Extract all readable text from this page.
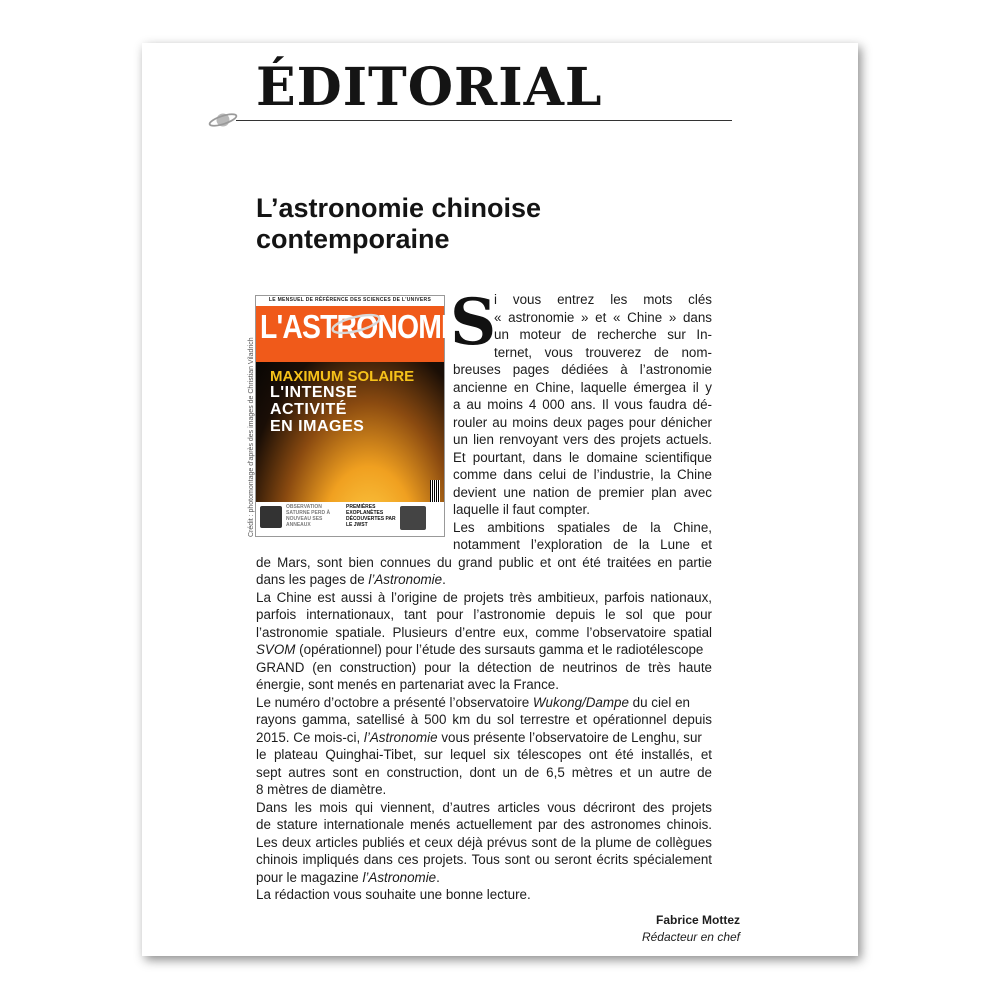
ÉDITORIAL
L’astronomie chinoise
contemporaine
LE MENSUEL DE RÉFÉRENCE DES SCIENCES DE L'UNIVERS
L'ASTRONOMIE
MAXIMUM SOLAIRE
L'INTENSE
ACTIVITÉ
EN IMAGES
OBSERVATION SATURNE PERD À NOUVEAU SES ANNEAUX
PREMIÈRES EXOPLANÈTES DÉCOUVERTES PAR LE JWST
Crédit : photomontage d'après des images de Christian Viladrich
S
i vous entrez les mots clés
« astronomie » et « Chine » dans
un moteur de recherche sur In-
ternet, vous trouverez de nom-
breuses pages dédiées à l’astronomie
ancienne en Chine, laquelle émergea il y
a au moins 4 000 ans. Il vous faudra dé-
rouler au moins deux pages pour dénicher
un lien renvoyant vers des projets actuels.
Et pourtant, dans le domaine scientifique
comme dans celui de l’industrie, la Chine
devient une nation de premier plan avec
laquelle il faut compter.
Les ambitions spatiales de la Chine,
notamment l’exploration de la Lune et
de Mars, sont bien connues du grand public et ont été traitées en partie
dans les pages de l’Astronomie.
La Chine est aussi à l’origine de projets très ambitieux, parfois nationaux,
parfois internationaux, tant pour l’astronomie depuis le sol que pour
l’astronomie spatiale. Plusieurs d’entre eux, comme l’observatoire spatial
SVOM (opérationnel) pour l’étude des sursauts gamma et le radiotélescope
GRAND (en construction) pour la détection de neutrinos de très haute
énergie, sont menés en partenariat avec la France.
Le numéro d’octobre a présenté l’observatoire Wukong/Dampe du ciel en
rayons gamma, satellisé à 500 km du sol terrestre et opérationnel depuis
2015. Ce mois-ci, l’Astronomie vous présente l’observatoire de Lenghu, sur
le plateau Quinghai-Tibet, sur lequel six télescopes ont été installés, et
sept autres sont en construction, dont un de 6,5 mètres et un autre de
8 mètres de diamètre.
Dans les mois qui viennent, d’autres articles vous décriront des projets
de stature internationale menés actuellement par des astronomes chinois.
Les deux articles publiés et ceux déjà prévus sont de la plume de collègues
chinois impliqués dans ces projets. Tous sont ou seront écrits spécialement
pour le magazine l’Astronomie.
La rédaction vous souhaite une bonne lecture.
Fabrice Mottez
Rédacteur en chef
